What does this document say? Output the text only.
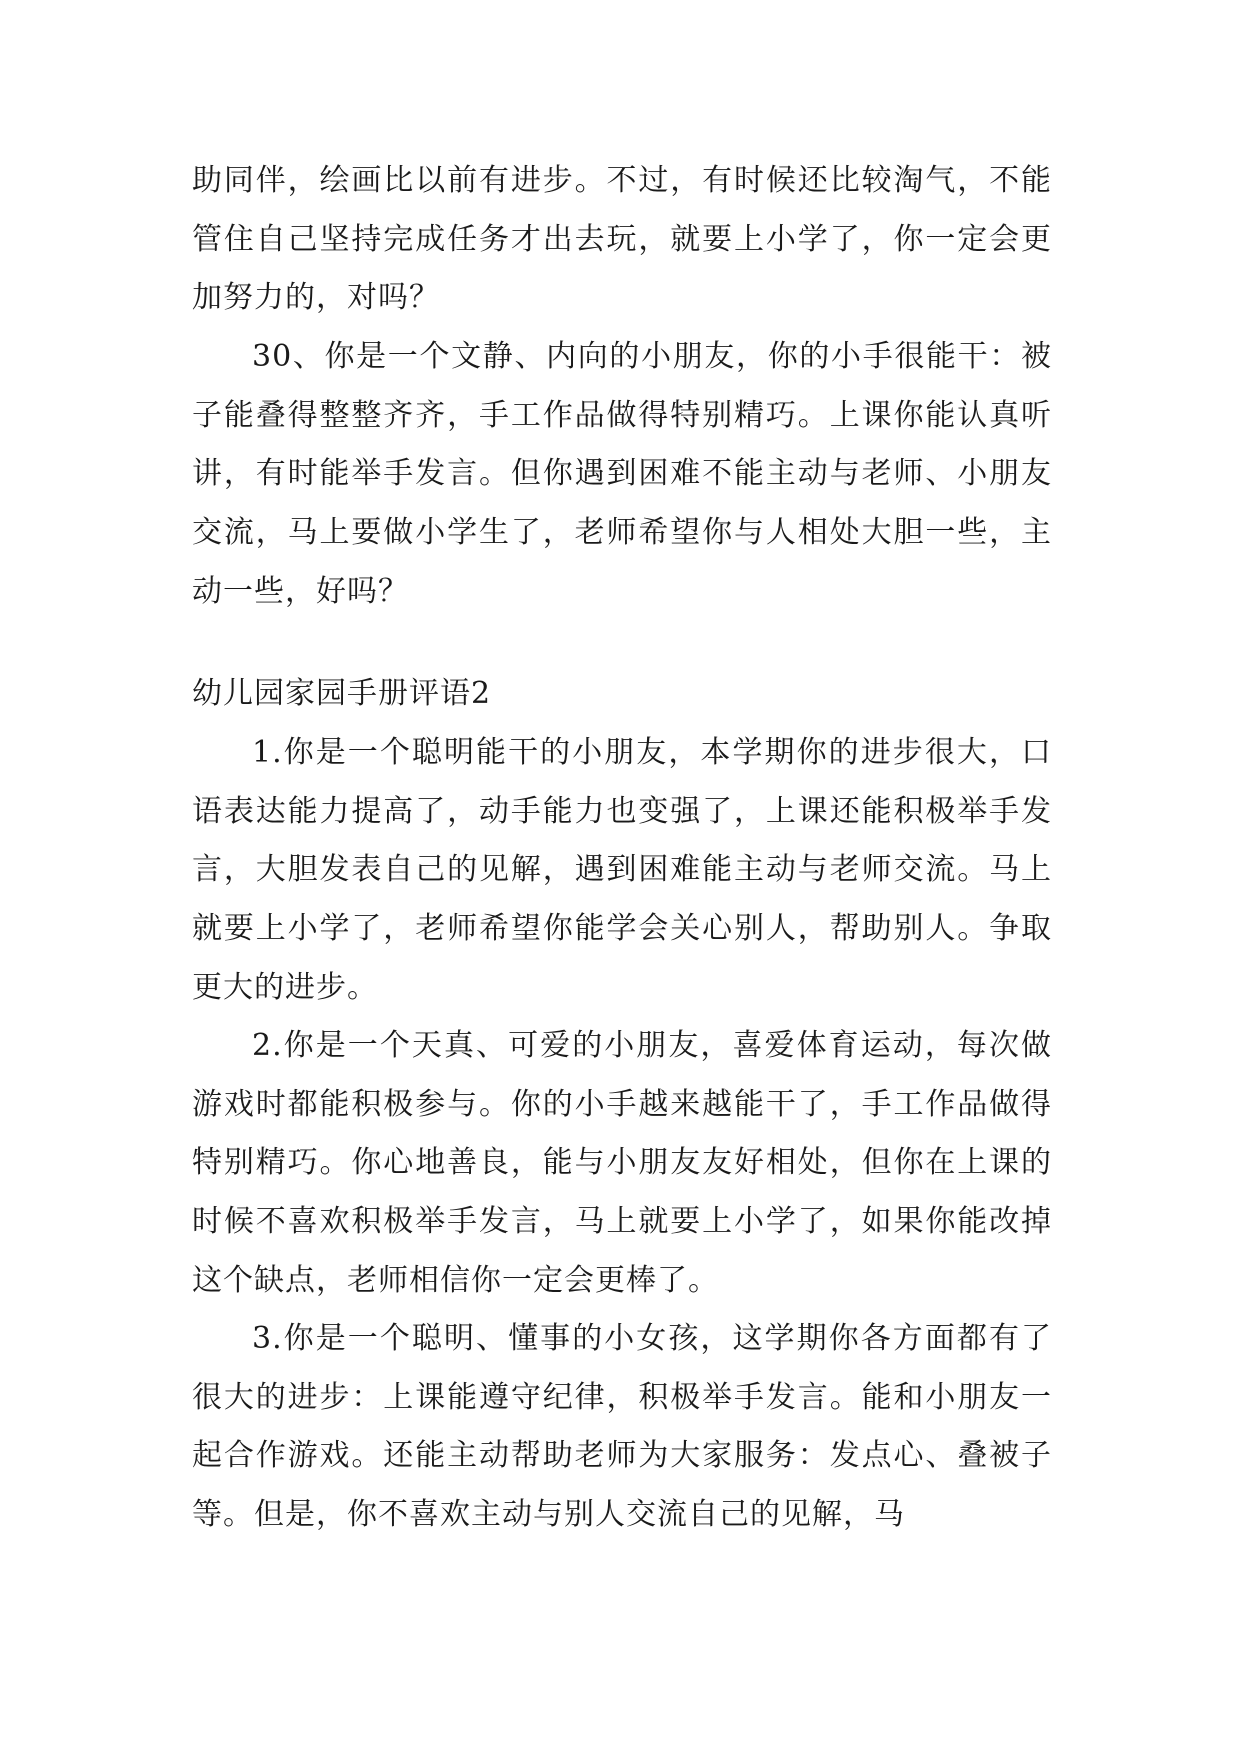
助同伴，绘画比以前有进步。不过，有时候还比较淘气，不能管住自己坚持完成任务才出去玩，就要上小学了，你一定会更加努力的，对吗？

30、你是一个文静、内向的小朋友，你的小手很能干：被子能叠得整整齐齐，手工作品做得特别精巧。上课你能认真听讲，有时能举手发言。但你遇到困难不能主动与老师、小朋友交流，马上要做小学生了，老师希望你与人相处大胆一些，主动一些，好吗？

幼儿园家园手册评语2

1.你是一个聪明能干的小朋友，本学期你的进步很大，口语表达能力提高了，动手能力也变强了，上课还能积极举手发言，大胆发表自己的见解，遇到困难能主动与老师交流。马上就要上小学了，老师希望你能学会关心别人，帮助别人。争取更大的进步。

2.你是一个天真、可爱的小朋友，喜爱体育运动，每次做游戏时都能积极参与。你的小手越来越能干了，手工作品做得特别精巧。你心地善良，能与小朋友友好相处，但你在上课的时候不喜欢积极举手发言，马上就要上小学了，如果你能改掉这个缺点，老师相信你一定会更棒了。

3.你是一个聪明、懂事的小女孩，这学期你各方面都有了很大的进步：上课能遵守纪律，积极举手发言。能和小朋友一起合作游戏。还能主动帮助老师为大家服务：发点心、叠被子等。但是，你不喜欢主动与别人交流自己的见解，马
